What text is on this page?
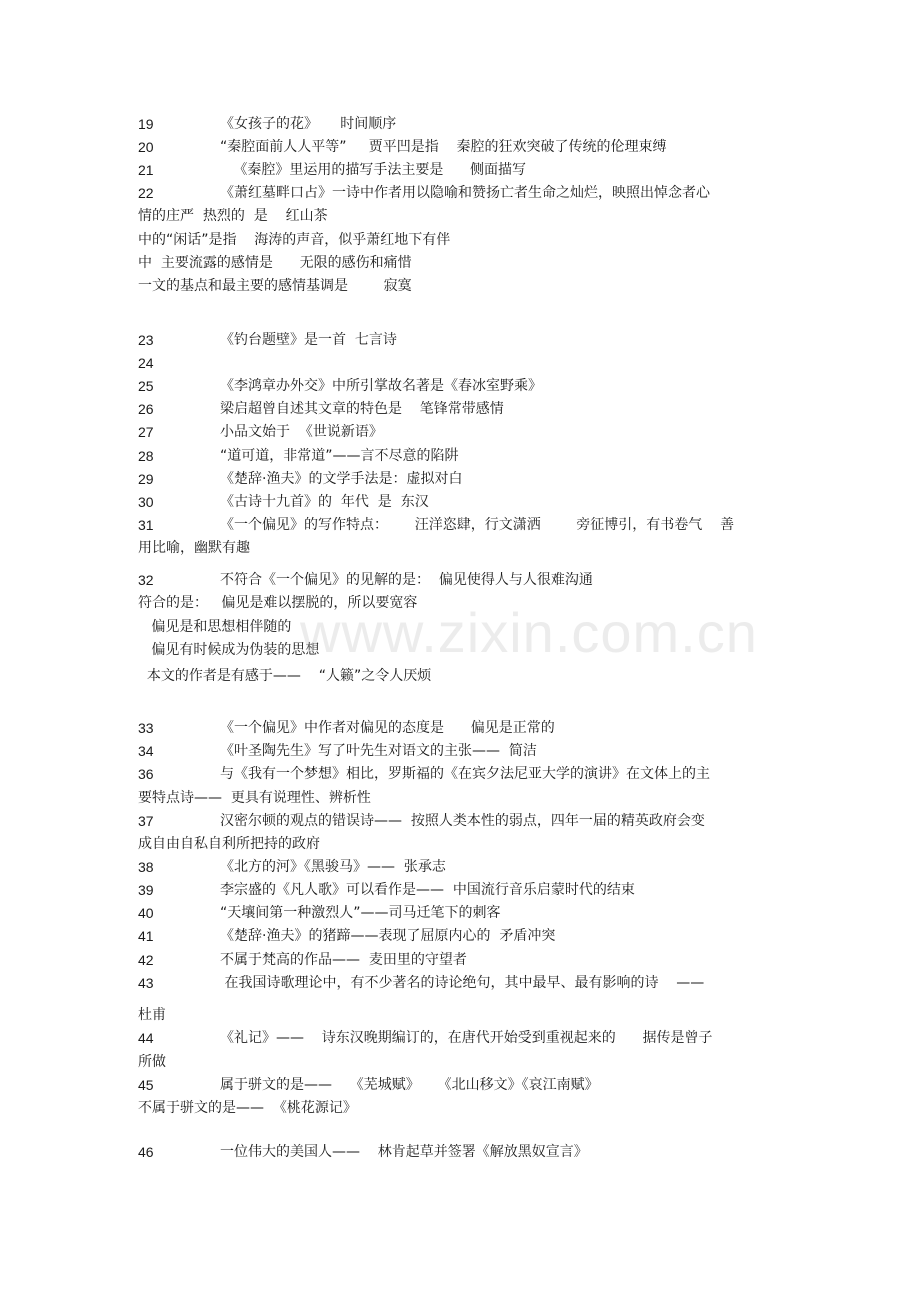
19	《女孩子的花》     时间顺序
20	“秦腔面前人人平等”     贾平凹是指    秦腔的狂欢突破了传统的伦理束缚
21	《秦腔》里运用的描写手法主要是      侧面描写
22	《萧红墓畔口占》一诗中作者用以隐喻和赞扬亡者生命之灿烂，映照出悼念者心
情的庄严  热烈的  是    红山茶
中的“闲话”是指    海涛的声音，似乎萧红地下有伴
中  主要流露的感情是      无限的感伤和痛惜
一文的基点和最主要的感情基调是        寂寞
23	《钓台题壁》是一首  七言诗
24
25	《李鸿章办外交》中所引掌故名著是《春冰室野乘》
26	梁启超曾自述其文章的特色是    笔锋常带感情
27	小品文始于  《世说新语》
28	“道可道，非常道”——言不尽意的陷阱
29	《楚辞·渔夫》的文学手法是：虚拟对白
30	《古诗十九首》的  年代  是  东汉
31	《一个偏见》的写作特点：      汪洋恣肆，行文潇洒        旁征博引，有书卷气    善
用比喻，幽默有趣
32	不符合《一个偏见》的见解的是：  偏见使得人与人很难沟通
符合的是：   偏见是难以摆脱的，所以要宽容
偏见是和思想相伴随的
偏见有时候成为伪装的思想
本文的作者是有感于——    “人籁”之令人厌烦
33	《一个偏见》中作者对偏见的态度是      偏见是正常的
34	《叶圣陶先生》写了叶先生对语文的主张——  简洁
36	与《我有一个梦想》相比，罗斯福的《在宾夕法尼亚大学的演讲》在文体上的主
要特点诗——  更具有说理性、辨析性
37	汉密尔顿的观点的错误诗——  按照人类本性的弱点，四年一届的精英政府会变
成自由自私自利所把持的政府
38	《北方的河》《黑骏马》——  张承志
39	李宗盛的《凡人歌》可以看作是——  中国流行音乐启蒙时代的结束
40	“天壤间第一种激烈人”——司马迁笔下的刺客
41	《楚辞·渔夫》的猪蹄——表现了屈原内心的  矛盾冲突
42	不属于梵高的作品——  麦田里的守望者
43	在我国诗歌理论中，有不少著名的诗论绝句，其中最早、最有影响的诗    ——
杜甫
44	《礼记》——    诗东汉晚期编订的，在唐代开始受到重视起来的      据传是曾子
所做
45	属于骈文的是——    《芜城赋》    《北山移文》《哀江南赋》
不属于骈文的是——  《桃花源记》
46	一位伟大的美国人——    林肯起草并签署《解放黑奴宣言》
www.zixin.com.cn
